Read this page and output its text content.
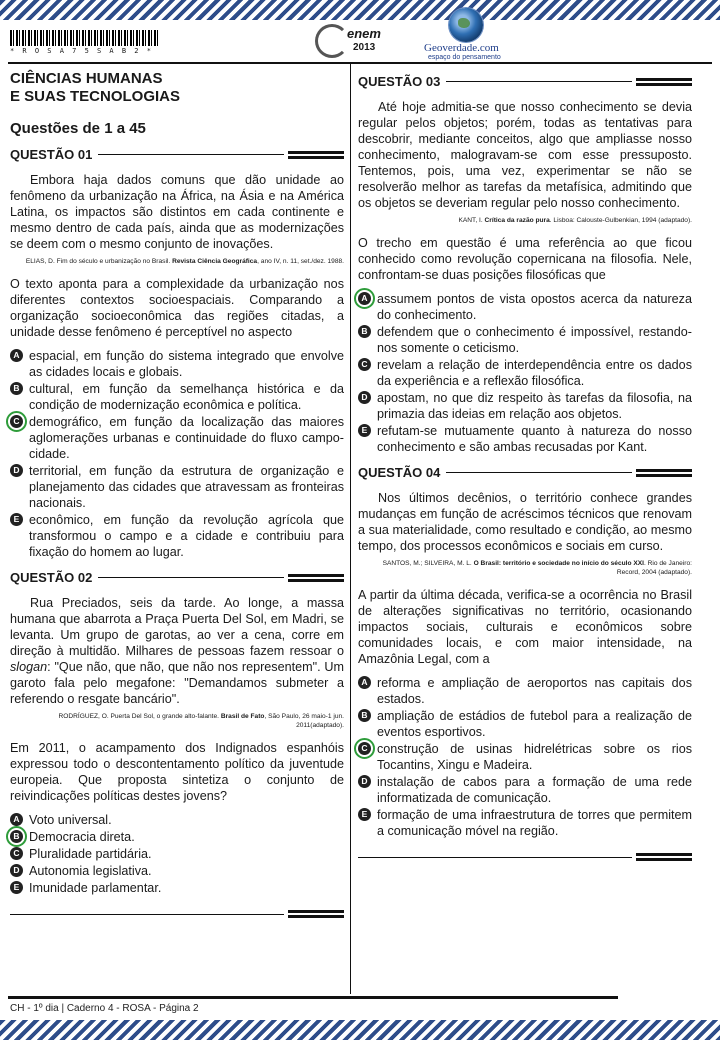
* R O S A 7 5 S A B 2 *
enem
2013	Geoverdade.com
espaço do pensamento
CIÊNCIAS HUMANAS
E SUAS TECNOLOGIAS
Questões de 1 a 45
QUESTÃO 01

Embora haja dados comuns que dão unidade ao fenômeno da urbanização na África, na Ásia e na América Latina, os impactos são distintos em cada continente e mesmo dentro de cada país, ainda que as modernizações se deem com o mesmo conjunto de inovações.

ELIAS, D. Fim do século e urbanização no Brasil. Revista Ciência Geográfica, ano IV, n. 11, set./dez. 1988.

O texto aponta para a complexidade da urbanização nos diferentes contextos socioespaciais. Comparando a organização socioeconômica das regiões citadas, a unidade desse fenômeno é perceptível no aspecto

A espacial, em função do sistema integrado que envolve as cidades locais e globais.
B cultural, em função da semelhança histórica e da condição de modernização econômica e política.
C demográfico, em função da localização das maiores aglomerações urbanas e continuidade do fluxo campo-cidade.
D territorial, em função da estrutura de organização e planejamento das cidades que atravessam as fronteiras nacionais.
E econômico, em função da revolução agrícola que transformou o campo e a cidade e contribuiu para fixação do homem ao lugar.
QUESTÃO 02

Rua Preciados, seis da tarde. Ao longe, a massa humana que abarrota a Praça Puerta Del Sol, em Madri, se levanta. Um grupo de garotas, ao ver a cena, corre em direção à multidão. Milhares de pessoas fazem ressoar o slogan: "Que não, que não, que não nos representem". Um garoto fala pelo megafone: "Demandamos submeter a referendo o resgate bancário".

RODRÍGUEZ, O. Puerta Del Sol, o grande alto-falante. Brasil de Fato, São Paulo, 26 maio-1 jun. 2011(adaptado).

Em 2011, o acampamento dos Indignados espanhóis expressou todo o descontentamento político da juventude europeia. Que proposta sintetiza o conjunto de reivindicações políticas destes jovens?

A Voto universal.
B Democracia direta.
C Pluralidade partidária.
D Autonomia legislativa.
E Imunidade parlamentar.
QUESTÃO 03

Até hoje admitia-se que nosso conhecimento se devia regular pelos objetos; porém, todas as tentativas para descobrir, mediante conceitos, algo que ampliasse nosso conhecimento, malogravam-se com esse pressuposto. Tentemos, pois, uma vez, experimentar se não se resolverão melhor as tarefas da metafísica, admitindo que os objetos se deveriam regular pelo nosso conhecimento.

KANT, I. Crítica da razão pura. Lisboa: Calouste-Gulbenkian, 1994 (adaptado).

O trecho em questão é uma referência ao que ficou conhecido como revolução copernicana na filosofia. Nele, confrontam-se duas posições filosóficas que

A assumem pontos de vista opostos acerca da natureza do conhecimento.
B defendem que o conhecimento é impossível, restando-nos somente o ceticismo.
C revelam a relação de interdependência entre os dados da experiência e a reflexão filosófica.
D apostam, no que diz respeito às tarefas da filosofia, na primazia das ideias em relação aos objetos.
E refutam-se mutuamente quanto à natureza do nosso conhecimento e são ambas recusadas por Kant.
QUESTÃO 04

Nos últimos decênios, o território conhece grandes mudanças em função de acréscimos técnicos que renovam a sua materialidade, como resultado e condição, ao mesmo tempo, dos processos econômicos e sociais em curso.

SANTOS, M.; SILVEIRA, M. L. O Brasil: território e sociedade no início do século XXI. Rio de Janeiro: Record, 2004 (adaptado).

A partir da última década, verifica-se a ocorrência no Brasil de alterações significativas no território, ocasionando impactos sociais, culturais e econômicos sobre comunidades locais, e com maior intensidade, na Amazônia Legal, com a

A reforma e ampliação de aeroportos nas capitais dos estados.
B ampliação de estádios de futebol para a realização de eventos esportivos.
C construção de usinas hidrelétricas sobre os rios Tocantins, Xingu e Madeira.
D instalação de cabos para a formação de uma rede informatizada de comunicação.
E formação de uma infraestrutura de torres que permitem a comunicação móvel na região.
CH - 1º dia | Caderno 4 - ROSA - Página 2
